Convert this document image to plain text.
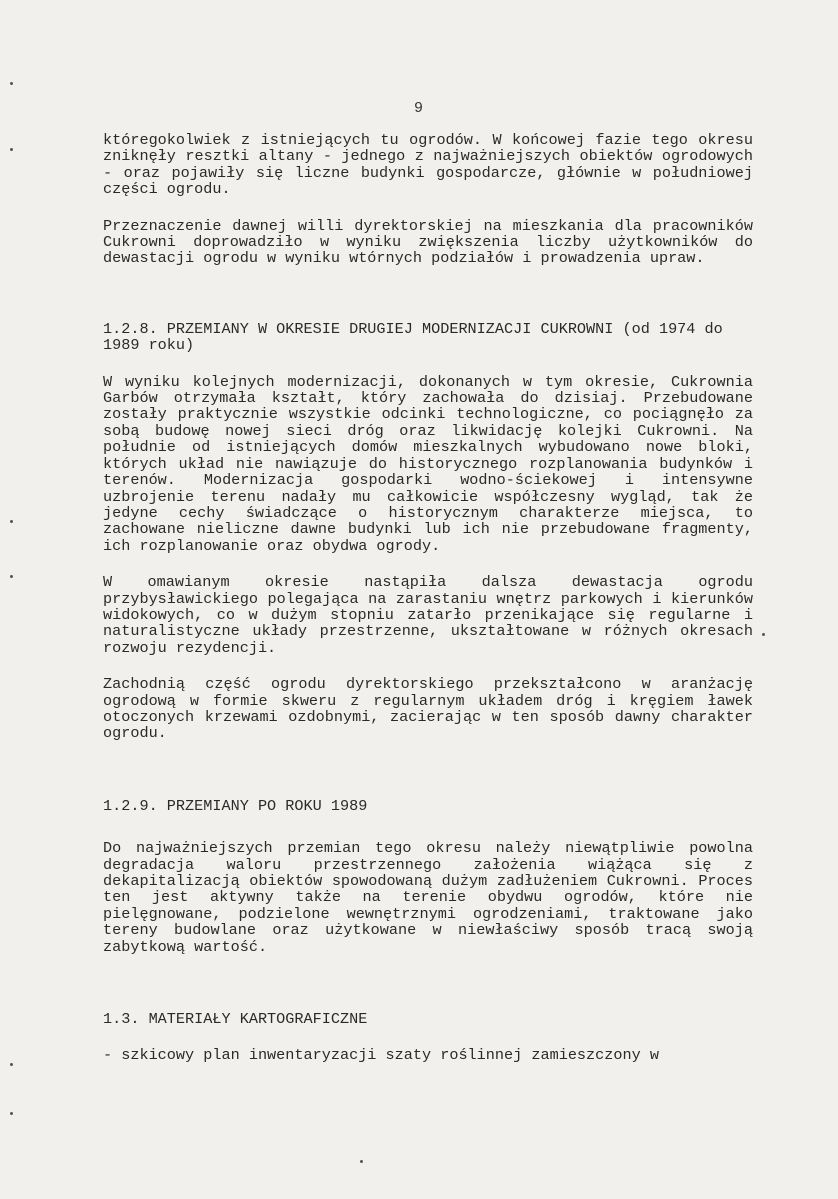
9

któregokolwiek z istniejących tu ogrodów. W końcowej fazie tego okresu zniknęły resztki altany - jednego z najważniejszych obiektów ogrodowych - oraz pojawiły się liczne budynki gospodarcze, głównie w południowej części ogrodu.

Przeznaczenie dawnej willi dyrektorskiej na mieszkania dla pracowników Cukrowni doprowadziło w wyniku zwiększenia liczby użytkowników do dewastacji ogrodu w wyniku wtórnych podziałów i prowadzenia upraw.

1.2.8. PRZEMIANY W OKRESIE DRUGIEJ MODERNIZACJI CUKROWNI (od 1974 do 1989 roku)

W wyniku kolejnych modernizacji, dokonanych w tym okresie, Cukrownia Garbów otrzymała kształt, który zachowała do dzisiaj. Przebudowane zostały praktycznie wszystkie odcinki technologiczne, co pociągnęło za sobą budowę nowej sieci dróg oraz likwidację kolejki Cukrowni. Na południe od istniejących domów mieszkalnych wybudowano nowe bloki, których układ nie nawiązuje do historycznego rozplanowania budynków i terenów. Modernizacja gospodarki wodno-ściekowej i intensywne uzbrojenie terenu nadały mu całkowicie współczesny wygląd, tak że jedyne cechy świadczące o historycznym charakterze miejsca, to zachowane nieliczne dawne budynki lub ich nie przebudowane fragmenty, ich rozplanowanie oraz obydwa ogrody.

W omawianym okresie nastąpiła dalsza dewastacja ogrodu przybysławickiego polegająca na zarastaniu wnętrz parkowych i kierunków widokowych, co w dużym stopniu zatarło przenikające się regularne i naturalistyczne układy przestrzenne, ukształtowane w różnych okresach rozwoju rezydencji.

Zachodnią część ogrodu dyrektorskiego przekształcono w aranżację ogrodową w formie skweru z regularnym układem dróg i kręgiem ławek otoczonych krzewami ozdobnymi, zacierając w ten sposób dawny charakter ogrodu.

1.2.9. PRZEMIANY PO ROKU 1989

Do najważniejszych przemian tego okresu należy niewątpliwie powolna degradacja waloru przestrzennego założenia wiążąca się z dekapitalizacją obiektów spowodowaną dużym zadłużeniem Cukrowni. Proces ten jest aktywny także na terenie obydwu ogrodów, które nie pielęgnowane, podzielone wewnętrznymi ogrodzeniami, traktowane jako tereny budowlane oraz użytkowane w niewłaściwy sposób tracą swoją zabytkową wartość.

1.3. MATERIAŁY KARTOGRAFICZNE

- szkicowy plan inwentaryzacji szaty roślinnej zamieszczony w
